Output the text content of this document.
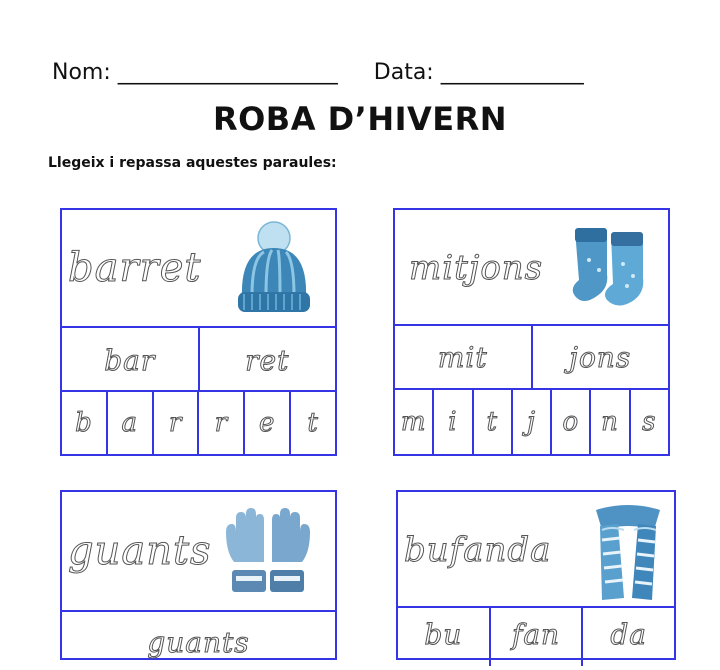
Nom: ____________________ Data: _____________
ROBA D’HIVERN
Llegeix i repassa aquestes paraules:
barret
bar	ret
b a r r e t
mitjons
mit	jons
m i t j o n s
guants
guants
bufanda
bu fan da
